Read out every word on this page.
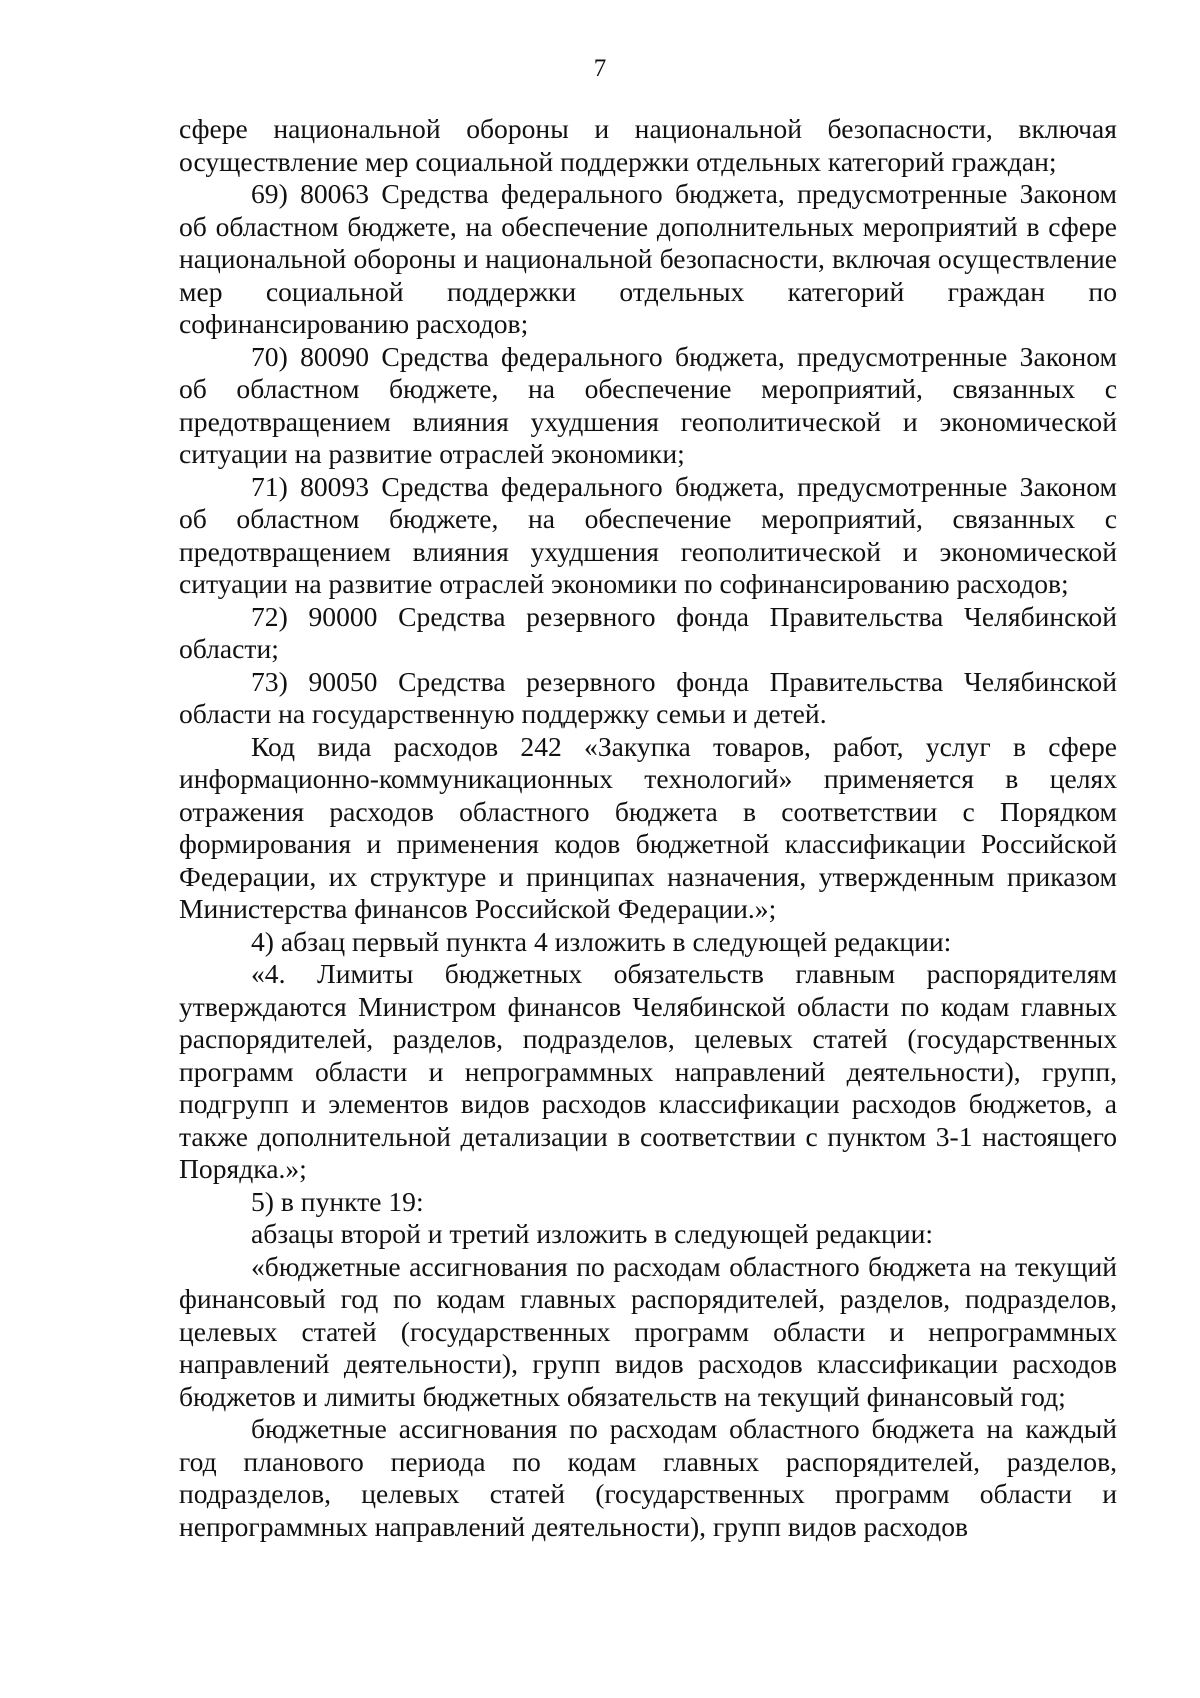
7

сфере национальной обороны и национальной безопасности, включая осуществление мер социальной поддержки отдельных категорий граждан;

69) 80063 Средства федерального бюджета, предусмотренные Законом об областном бюджете, на обеспечение дополнительных мероприятий в сфере национальной обороны и национальной безопасности, включая осуществление мер социальной поддержки отдельных категорий граждан по софинансированию расходов;

70) 80090 Средства федерального бюджета, предусмотренные Законом об областном бюджете, на обеспечение мероприятий, связанных с предотвращением влияния ухудшения геополитической и экономической ситуации на развитие отраслей экономики;

71) 80093 Средства федерального бюджета, предусмотренные Законом об областном бюджете, на обеспечение мероприятий, связанных с предотвращением влияния ухудшения геополитической и экономической ситуации на развитие отраслей экономики по софинансированию расходов;

72) 90000 Средства резервного фонда Правительства Челябинской области;

73) 90050 Средства резервного фонда Правительства Челябинской области на государственную поддержку семьи и детей.

Код вида расходов 242 «Закупка товаров, работ, услуг в сфере информационно-коммуникационных технологий» применяется в целях отражения расходов областного бюджета в соответствии с Порядком формирования и применения кодов бюджетной классификации Российской Федерации, их структуре и принципах назначения, утвержденным приказом Министерства финансов Российской Федерации.»;

4) абзац первый пункта 4 изложить в следующей редакции:

«4. Лимиты бюджетных обязательств главным распорядителям утверждаются Министром финансов Челябинской области по кодам главных распорядителей, разделов, подразделов, целевых статей (государственных программ области и непрограммных направлений деятельности), групп, подгрупп и элементов видов расходов классификации расходов бюджетов, а также дополнительной детализации в соответствии с пунктом 3-1 настоящего Порядка.»;

5) в пункте 19:

абзацы второй и третий изложить в следующей редакции:

«бюджетные ассигнования по расходам областного бюджета на текущий финансовый год по кодам главных распорядителей, разделов, подразделов, целевых статей (государственных программ области и непрограммных направлений деятельности), групп видов расходов классификации расходов бюджетов и лимиты бюджетных обязательств на текущий финансовый год;

бюджетные ассигнования по расходам областного бюджета на каждый год планового периода по кодам главных распорядителей, разделов, подразделов, целевых статей (государственных программ области и непрограммных направлений деятельности), групп видов расходов
